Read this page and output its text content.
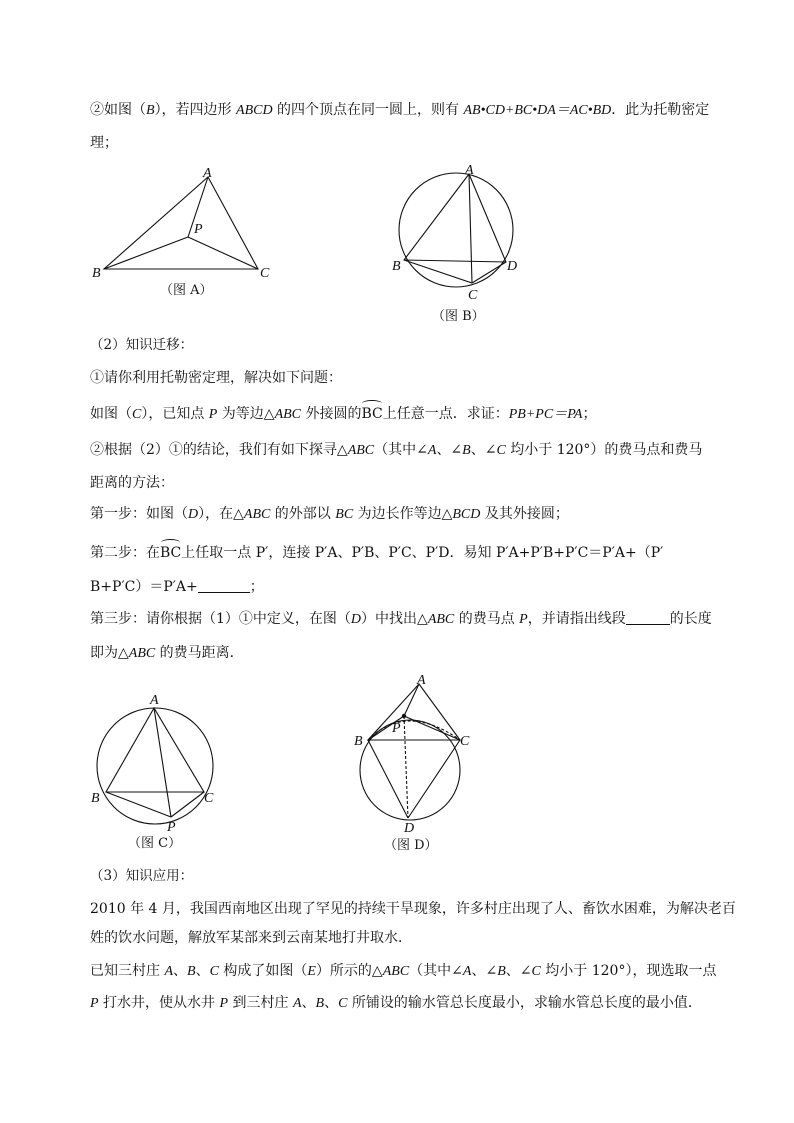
②如图（B），若四边形 ABCD 的四个顶点在同一圆上，则有 AB•CD+BC•DA＝AC•BD．此为托勒密定
理；
A
B	C
P
（图 A）
A
B
C
D
（图 B）
（2）知识迁移：
①请你利用托勒密定理，解决如下问题：
如图（C），已知点 P 为等边△ABC 外接圆的BC上任意一点．求证：PB+PC＝PA；
②根据（2）①的结论，我们有如下探寻△ABC（其中∠A、∠B、∠C 均小于 120°）的费马点和费马
距离的方法：
第一步：如图（D），在△ABC 的外部以 BC 为边长作等边△BCD 及其外接圆；
第二步：在BC上任取一点 P′，连接 P′A、P′B、P′C、P′D．易知 P′A+P′B+P′C＝P′A+（P′
B+P′C）＝P′A+	；
第三步：请你根据（1）①中定义，在图（D）中找出△ABC 的费马点 P，并请指出线段	的长度
即为△ABC 的费马距离．
A
B	C
P
（图 C）
A
B	C
P
D
（图 D）
（3）知识应用：
2010 年 4 月，我国西南地区出现了罕见的持续干旱现象，许多村庄出现了人、畜饮水困难，为解决老百
姓的饮水问题，解放军某部来到云南某地打井取水．
已知三村庄 A、B、C 构成了如图（E）所示的△ABC（其中∠A、∠B、∠C 均小于 120°），现选取一点
P 打水井，使从水井 P 到三村庄 A、B、C 所铺设的输水管总长度最小，求输水管总长度的最小值．
